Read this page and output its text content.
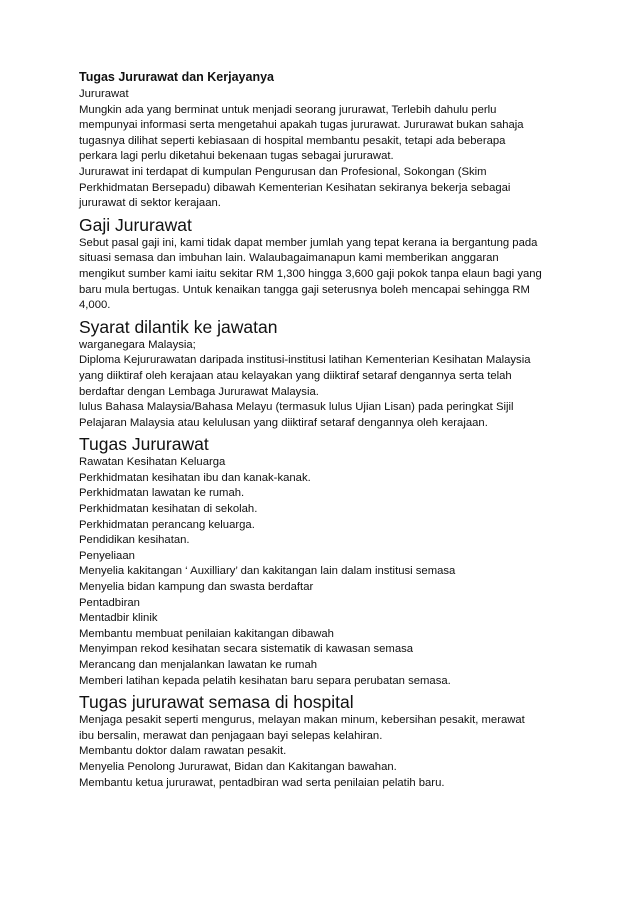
Tugas Jururawat dan Kerjayanya

Jururawat

Mungkin ada yang berminat untuk menjadi seorang jururawat, Terlebih dahulu perlu

mempunyai informasi serta mengetahui apakah tugas jururawat. Jururawat bukan sahaja

tugasnya dilihat seperti kebiasaan di hospital membantu pesakit, tetapi ada beberapa

perkara lagi perlu diketahui bekenaan tugas sebagai jururawat.

Jururawat ini terdapat di kumpulan Pengurusan dan Profesional, Sokongan (Skim

Perkhidmatan Bersepadu) dibawah Kementerian Kesihatan sekiranya bekerja sebagai

jururawat di sektor kerajaan.

Gaji Jururawat

Sebut pasal gaji ini, kami tidak dapat member jumlah yang tepat kerana ia bergantung pada

situasi semasa dan imbuhan lain. Walaubagaimanapun kami memberikan anggaran

mengikut sumber kami iaitu sekitar RM 1,300 hingga 3,600 gaji pokok tanpa elaun bagi yang

baru mula bertugas. Untuk kenaikan tangga gaji seterusnya boleh mencapai sehingga RM

4,000.

Syarat dilantik ke jawatan

warganegara Malaysia;

Diploma Kejururawatan daripada institusi-institusi latihan Kementerian Kesihatan Malaysia

yang diiktiraf oleh kerajaan atau kelayakan yang diiktiraf setaraf dengannya serta telah

berdaftar dengan Lembaga Jururawat Malaysia.

lulus Bahasa Malaysia/Bahasa Melayu (termasuk lulus Ujian Lisan) pada peringkat Sijil

Pelajaran Malaysia atau kelulusan yang diiktiraf setaraf dengannya oleh kerajaan.

Tugas Jururawat

Rawatan Kesihatan Keluarga

Perkhidmatan kesihatan ibu dan kanak-kanak.

Perkhidmatan lawatan ke rumah.

Perkhidmatan kesihatan di sekolah.

Perkhidmatan perancang keluarga.

Pendidikan kesihatan.

Penyeliaan

Menyelia kakitangan ‘ Auxilliary’ dan kakitangan lain dalam institusi semasa

Menyelia bidan kampung dan swasta berdaftar

Pentadbiran

Mentadbir klinik

Membantu membuat penilaian kakitangan dibawah

Menyimpan rekod kesihatan secara sistematik di kawasan semasa

Merancang dan menjalankan lawatan ke rumah

Memberi latihan kepada pelatih kesihatan baru separa perubatan semasa.

Tugas jururawat semasa di hospital

Menjaga pesakit seperti mengurus, melayan makan minum, kebersihan pesakit, merawat

ibu bersalin, merawat dan penjagaan bayi selepas kelahiran.

Membantu doktor dalam rawatan pesakit.

Menyelia Penolong Jururawat, Bidan dan Kakitangan bawahan.

Membantu ketua jururawat, pentadbiran wad serta penilaian pelatih baru.
